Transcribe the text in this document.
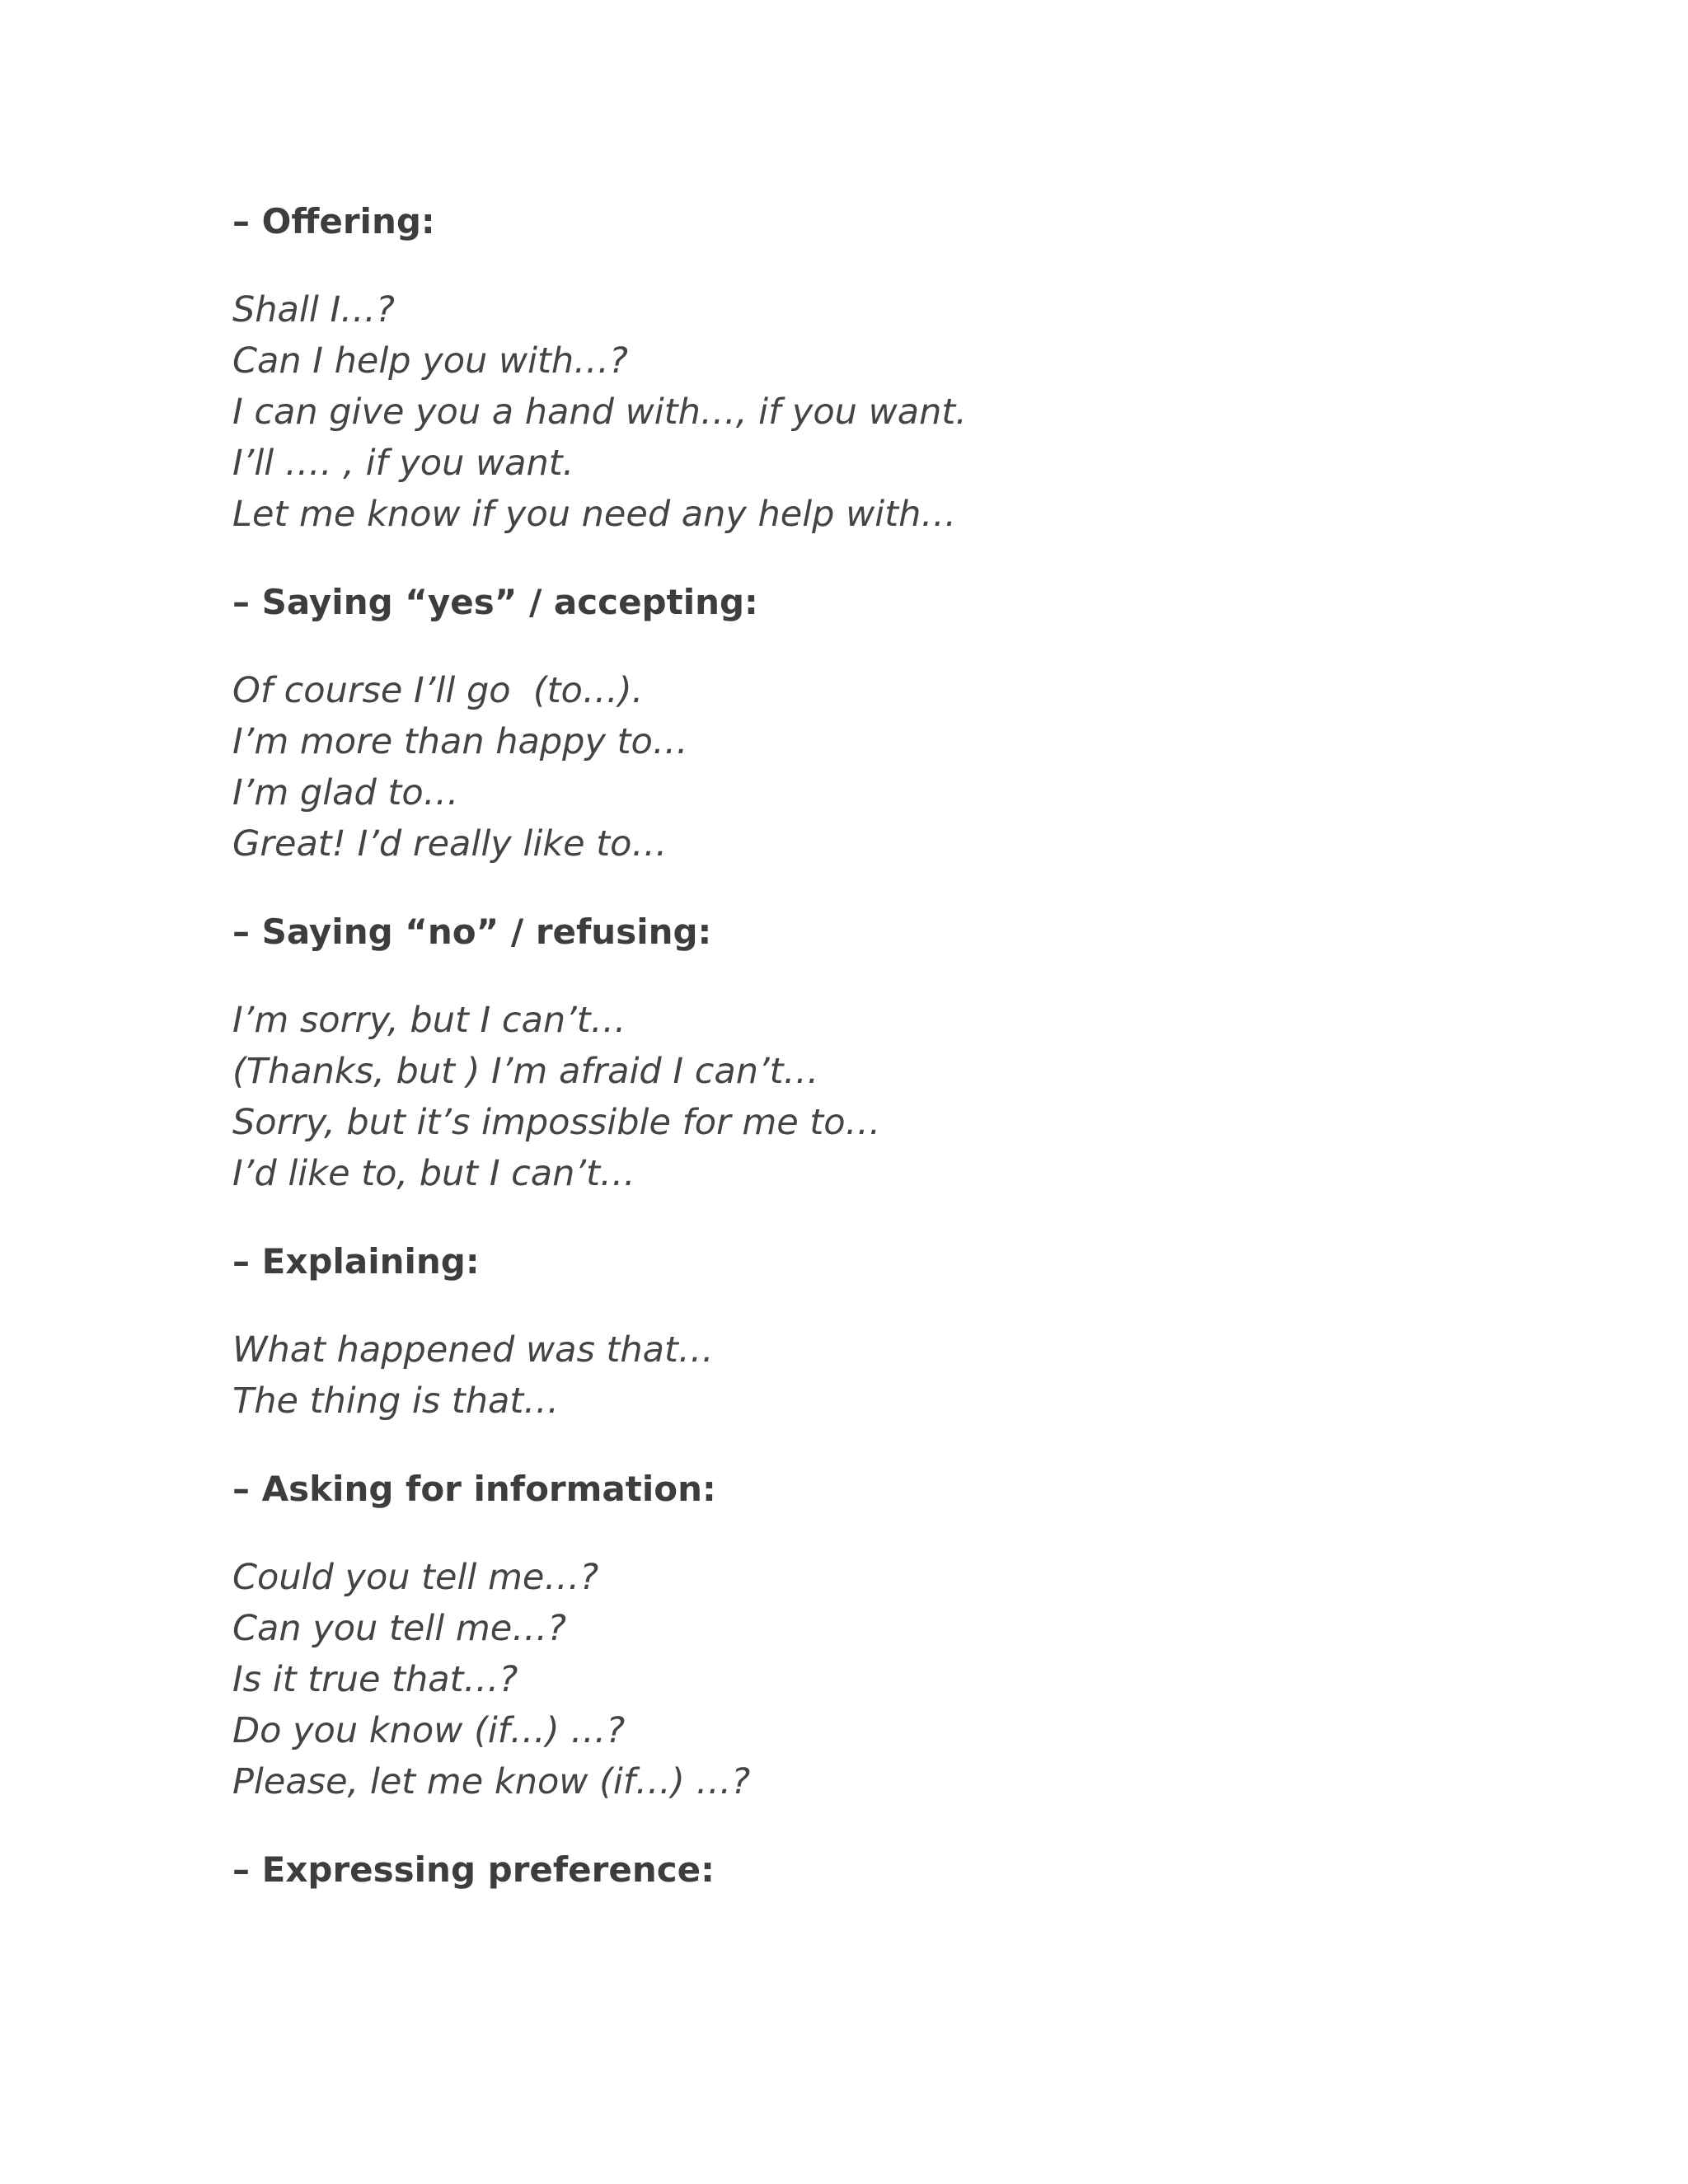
– Offering:
Shall I…?
Can I help you with…?
I can give you a hand with…, if you want.
I’ll …. , if you want.
Let me know if you need any help with…
– Saying “yes” / accepting:
Of course I’ll go  (to…).
I’m more than happy to…
I’m glad to…
Great! I’d really like to…
– Saying “no” / refusing:
I’m sorry, but I can’t…
(Thanks, but ) I’m afraid I can’t…
Sorry, but it’s impossible for me to…
I’d like to, but I can’t…
– Explaining:
What happened was that…
The thing is that…
– Asking for information:
Could you tell me…?
Can you tell me…?
Is it true that…?
Do you know (if…) …?
Please, let me know (if…) …?
– Expressing preference:
